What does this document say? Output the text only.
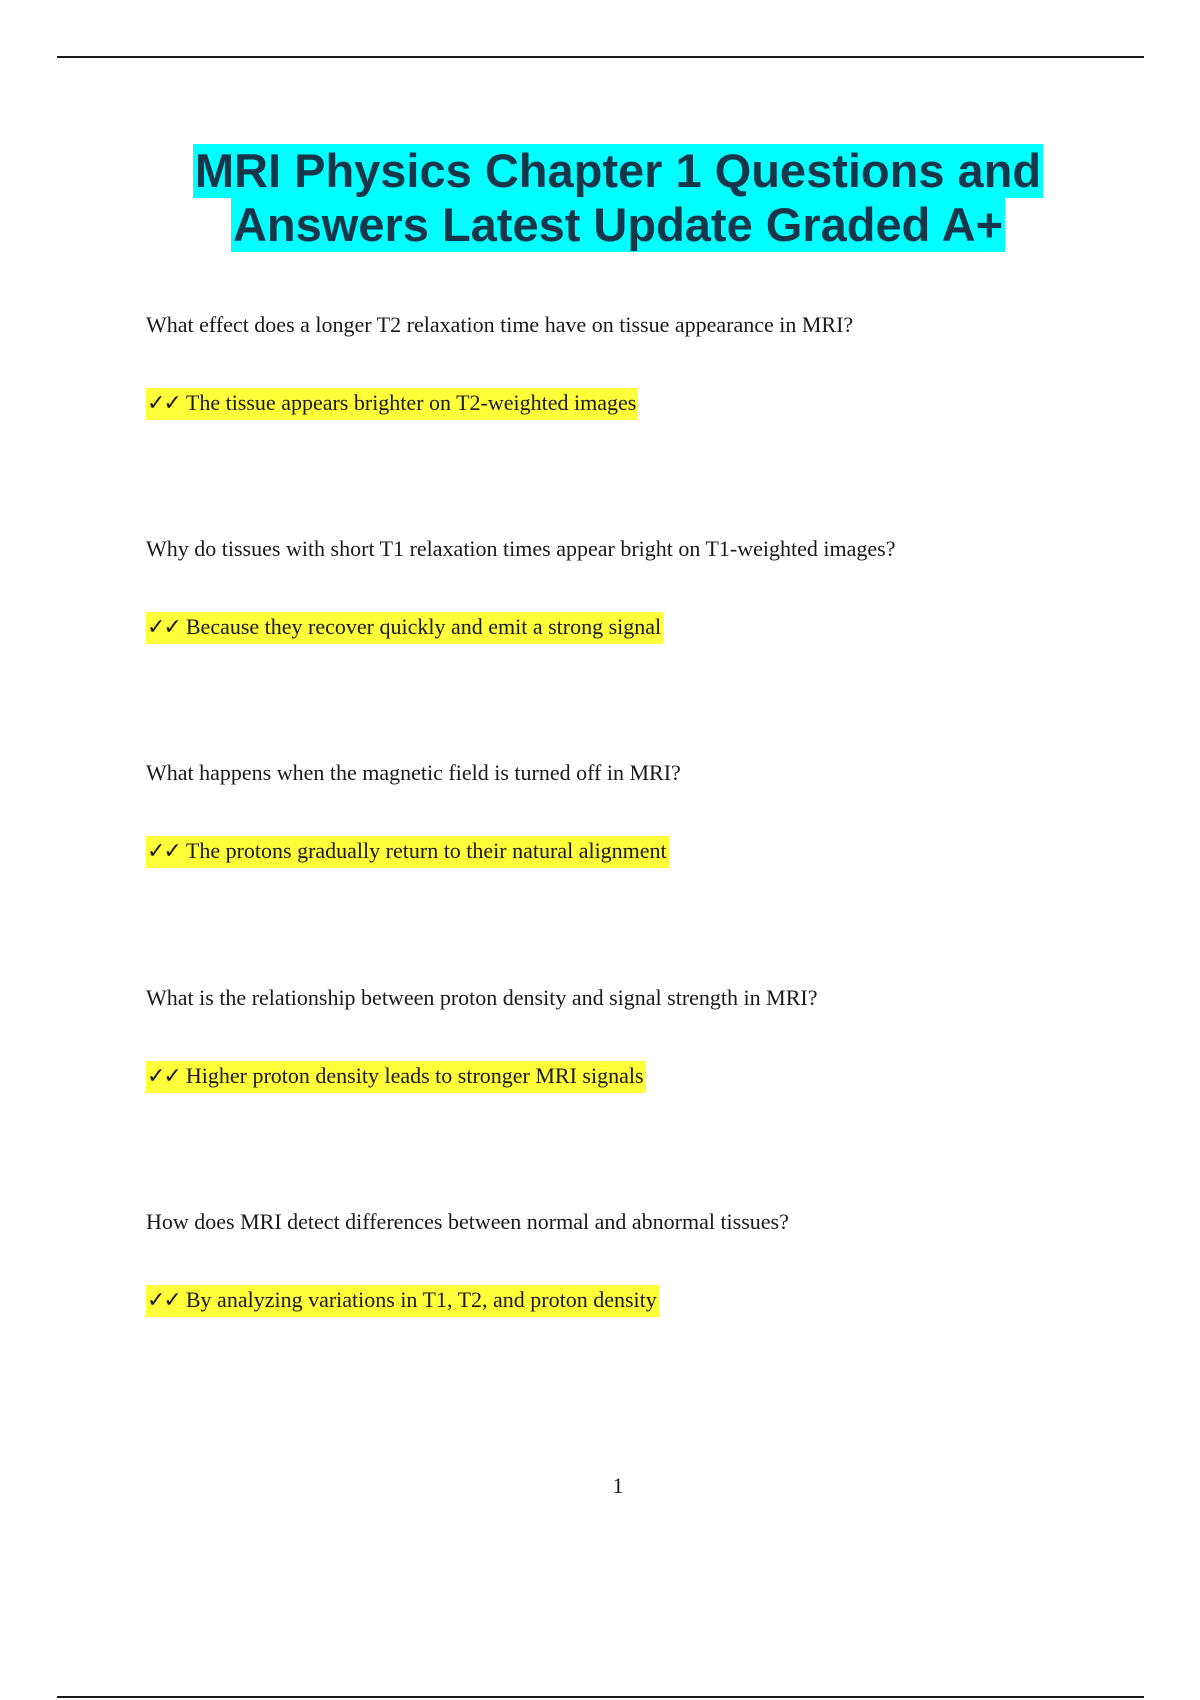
MRI Physics Chapter 1 Questions and
Answers Latest Update Graded A+
What effect does a longer T2 relaxation time have on tissue appearance in MRI?
✓✓ The tissue appears brighter on T2-weighted images
Why do tissues with short T1 relaxation times appear bright on T1-weighted images?
✓✓ Because they recover quickly and emit a strong signal
What happens when the magnetic field is turned off in MRI?
✓✓ The protons gradually return to their natural alignment
What is the relationship between proton density and signal strength in MRI?
✓✓ Higher proton density leads to stronger MRI signals
How does MRI detect differences between normal and abnormal tissues?
✓✓ By analyzing variations in T1, T2, and proton density
1
